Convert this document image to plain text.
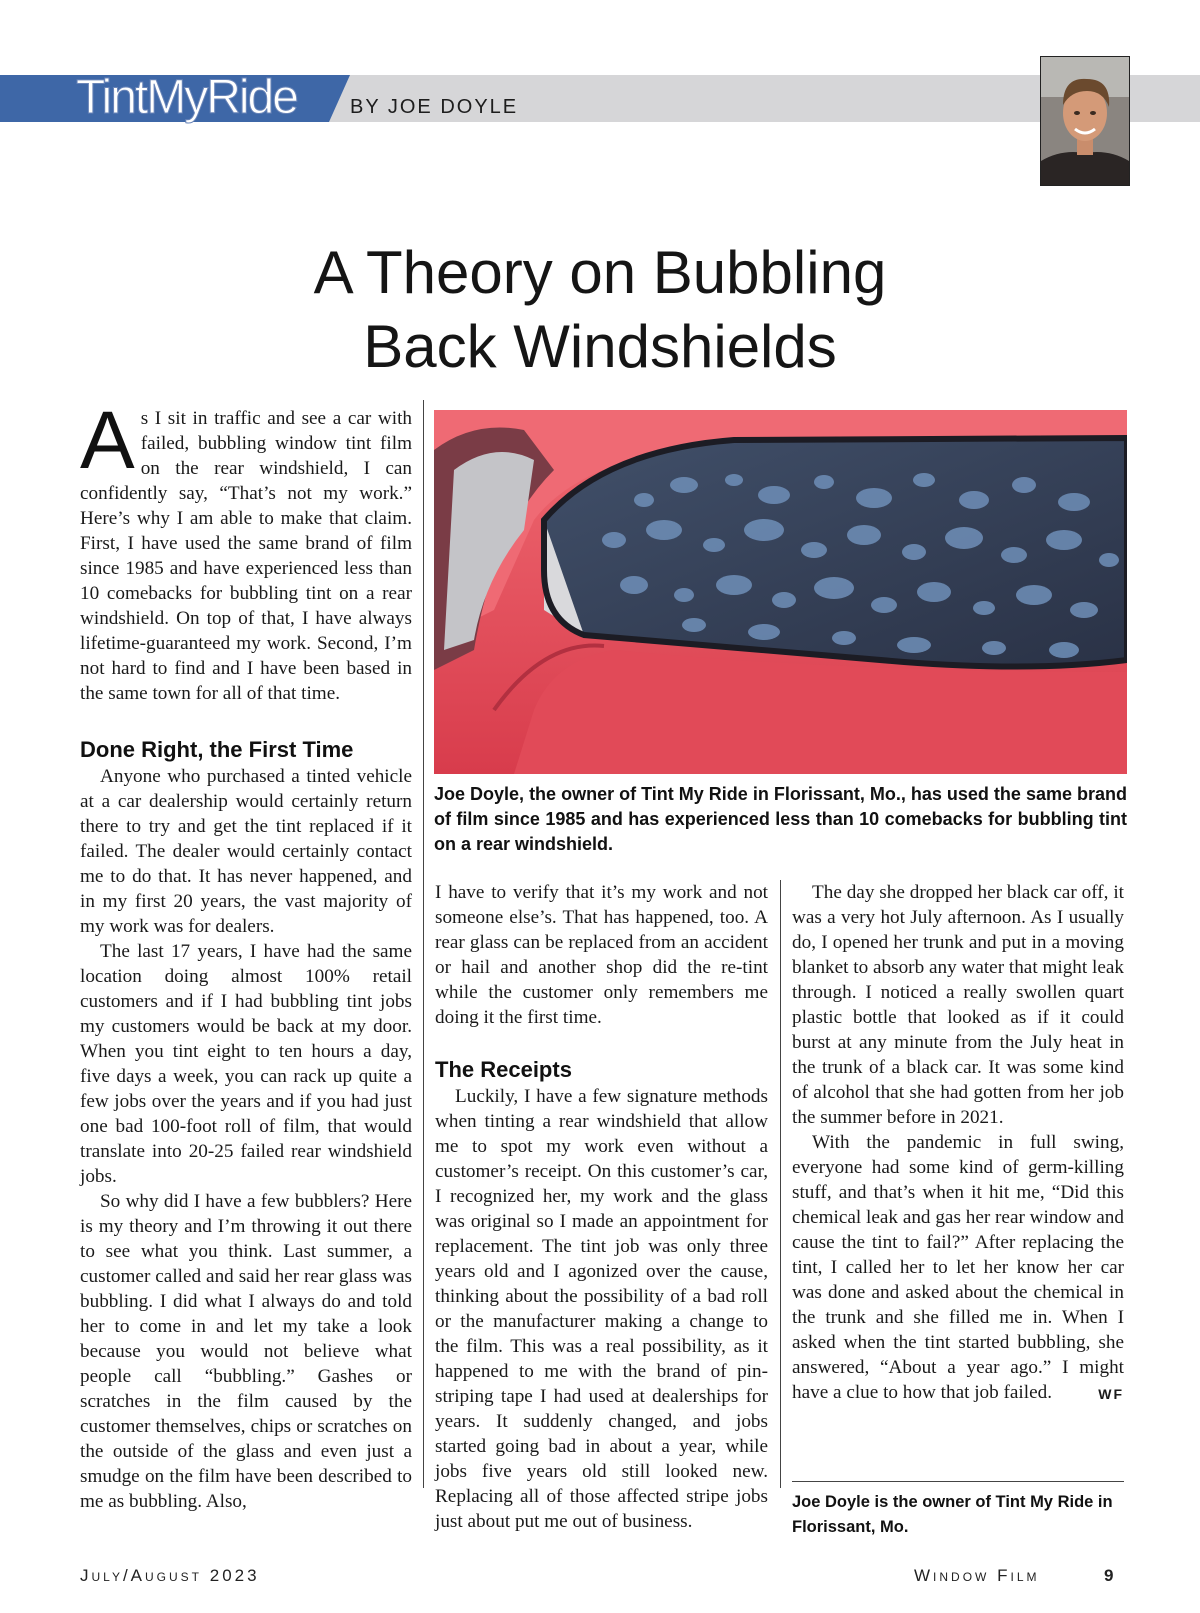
TintMyRide	BY JOE DOYLE
A Theory on Bubbling
Back Windshields

As I sit in traffic and see a car with failed, bubbling window tint film on the rear windshield, I can confidently say, “That’s not my work.” Here’s why I am able to make that claim. First, I have used the same brand of film since 1985 and have experienced less than 10 comebacks for bubbling tint on a rear windshield. On top of that, I have always lifetime-guaranteed my work. Second, I’m not hard to find and I have been based in the same town for all of that time.

Done Right, the First Time

Anyone who purchased a tinted vehicle at a car dealership would certainly return there to try and get the tint replaced if it failed. The dealer would certainly contact me to do that. It has never happened, and in my first 20 years, the vast majority of my work was for dealers.

The last 17 years, I have had the same location doing almost 100% retail customers and if I had bubbling tint jobs my customers would be back at my door. When you tint eight to ten hours a day, five days a week, you can rack up quite a few jobs over the years and if you had just one bad 100-foot roll of film, that would translate into 20-25 failed rear windshield jobs.

So why did I have a few bubblers? Here is my theory and I’m throwing it out there to see what you think. Last summer, a customer called and said her rear glass was bubbling. I did what I always do and told her to come in and let my take a look because you would not believe what people call “bubbling.” Gashes or scratches in the film caused by the customer themselves, chips or scratches on the outside of the glass and even just a smudge on the film have been described to me as bubbling. Also,

Joe Doyle, the owner of Tint My Ride in Florissant, Mo., has used the same brand of film since 1985 and has experienced less than 10 comebacks for bubbling tint on a rear windshield.

I have to verify that it’s my work and not someone else’s. That has happened, too. A rear glass can be replaced from an accident or hail and another shop did the re-tint while the customer only remembers me doing it the first time.

The Receipts

Luckily, I have a few signature methods when tinting a rear windshield that allow me to spot my work even without a customer’s receipt. On this customer’s car, I recognized her, my work and the glass was original so I made an appointment for replacement. The tint job was only three years old and I agonized over the cause, thinking about the possibility of a bad roll or the manufacturer making a change to the film. This was a real possibility, as it happened to me with the brand of pin-striping tape I had used at dealerships for years. It suddenly changed, and jobs started going bad in about a year, while jobs five years old still looked new. Replacing all of those affected stripe jobs just about put me out of business.

The day she dropped her black car off, it was a very hot July afternoon. As I usually do, I opened her trunk and put in a moving blanket to absorb any water that might leak through. I noticed a really swollen quart plastic bottle that looked as if it could burst at any minute from the July heat in the trunk of a black car. It was some kind of alcohol that she had gotten from her job the summer before in 2021.

With the pandemic in full swing, everyone had some kind of germ-killing stuff, and that’s when it hit me, “Did this chemical leak and gas her rear window and cause the tint to fail?” After replacing the tint, I called her to let her know her car was done and asked about the chemical in the trunk and she filled me in. When I asked when the tint started bubbling, she answered, “About a year ago.” I might have a clue to how that job failed.	WF

Joe Doyle is the owner of Tint My Ride in Florissant, Mo.
July/August 2023	Window Film	9
